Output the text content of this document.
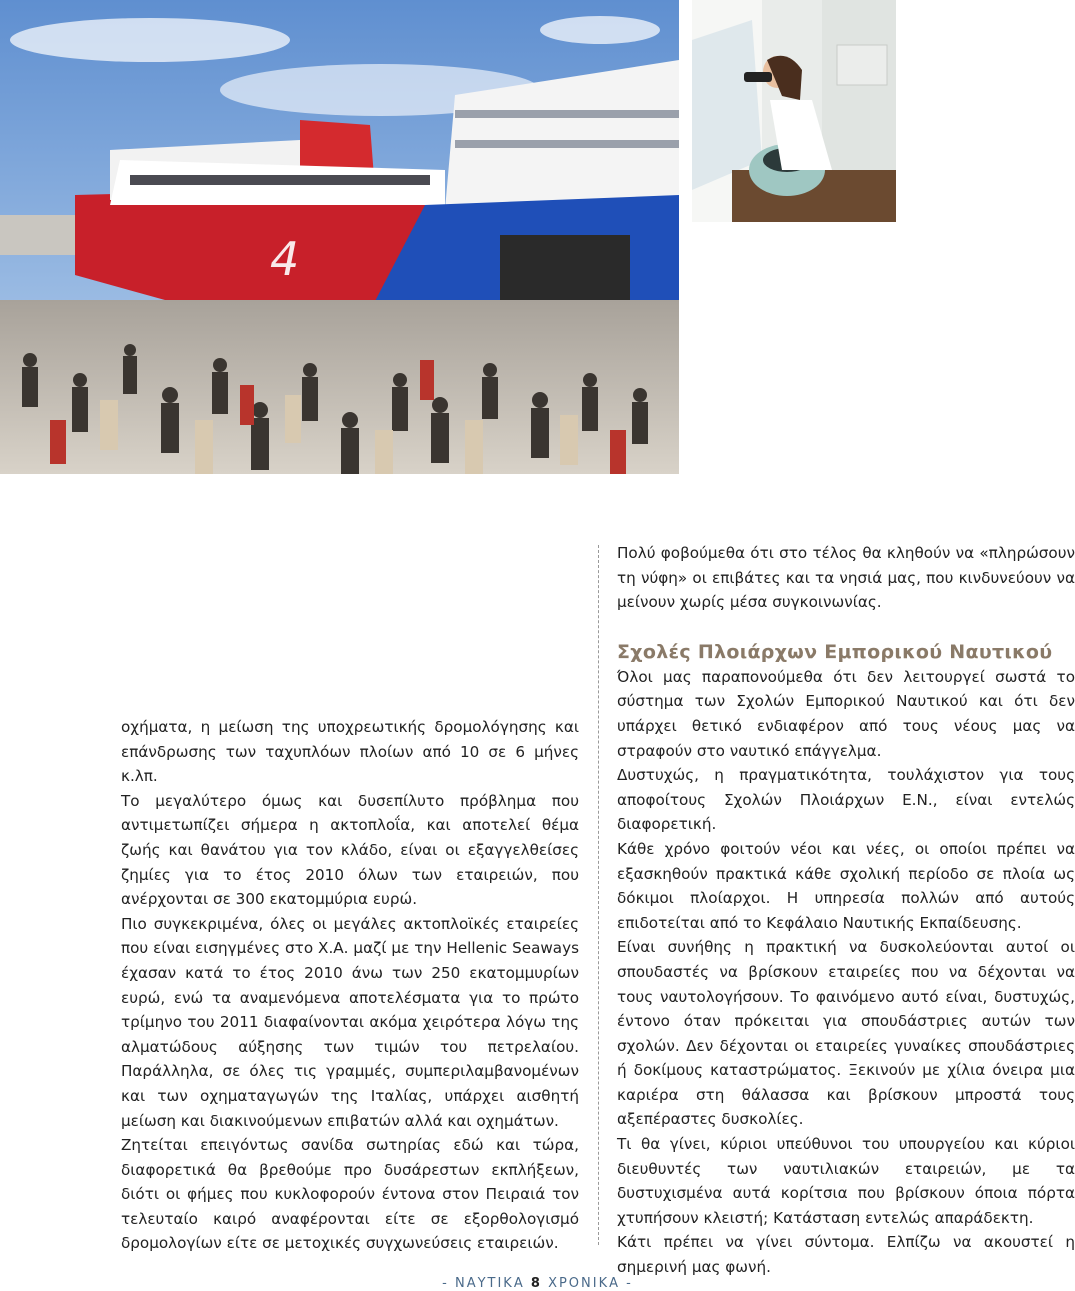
4

οχήματα, η μείωση της υποχρεωτικής δρομολόγησης και επάνδρωσης των ταχυπλόων πλοίων από 10 σε 6 μήνες κ.λπ.

Το μεγαλύτερο όμως και δυσεπίλυτο πρόβλημα που αντιμετωπίζει σήμερα η ακτοπλοΐα, και αποτελεί θέμα ζωής και θανάτου για τον κλάδο, είναι οι εξαγγελθείσες ζημίες για το έτος 2010 όλων των εταιρειών, που ανέρχονται σε 300 εκατομμύρια ευρώ.

Πιο συγκεκριμένα, όλες οι μεγάλες ακτοπλοϊκές εταιρείες που είναι εισηγμένες στο Χ.Α. μαζί με την Hellenic Seaways έχασαν κατά το έτος 2010 άνω των 250 εκατομμυρίων ευρώ, ενώ τα αναμενόμενα αποτελέσματα για το πρώτο τρίμηνο του 2011 διαφαίνονται ακόμα χειρότερα λόγω της αλματώδους αύξησης των τιμών του πετρελαίου. Παράλληλα, σε όλες τις γραμμές, συμπεριλαμβανομένων και των οχηματαγωγών της Ιταλίας, υπάρχει αισθητή μείωση και διακινούμενων επιβατών αλλά και οχημάτων.

Ζητείται επειγόντως σανίδα σωτηρίας εδώ και τώρα, διαφορετικά θα βρεθούμε προ δυσάρεστων εκπλήξεων, διότι οι φήμες που κυκλοφορούν έντονα στον Πειραιά τον τελευταίο καιρό αναφέρονται είτε σε εξορθολογισμό δρομολογίων είτε σε μετοχικές συγχωνεύσεις εταιρειών.

Πολύ φοβούμεθα ότι στο τέλος θα κληθούν να «πληρώσουν τη νύφη» οι επιβάτες και τα νησιά μας, που κινδυνεύουν να μείνουν χωρίς μέσα συγκοινωνίας.

Σχολές Πλοιάρχων Εμπορικού Ναυτικού

Όλοι μας παραπονούμεθα ότι δεν λειτουργεί σωστά το σύστημα των Σχολών Εμπορικού Ναυτικού και ότι δεν υπάρχει θετικό ενδιαφέρον από τους νέους μας να στραφούν στο ναυτικό επάγγελμα.

Δυστυχώς, η πραγματικότητα, τουλάχιστον για τους αποφοίτους Σχολών Πλοιάρχων Ε.Ν., είναι εντελώς διαφορετική.

Κάθε χρόνο φοιτούν νέοι και νέες, οι οποίοι πρέπει να εξασκηθούν πρακτικά κάθε σχολική περίοδο σε πλοία ως δόκιμοι πλοίαρχοι. Η υπηρεσία πολλών από αυτούς επιδοτείται από το Κεφάλαιο Ναυτικής Εκπαίδευσης.

Είναι συνήθης η πρακτική να δυσκολεύονται αυτοί οι σπουδαστές να βρίσκουν εταιρείες που να δέχονται να τους ναυτολογήσουν. Το φαινόμενο αυτό είναι, δυστυχώς, έντονο όταν πρόκειται για σπουδάστριες αυτών των σχολών. Δεν δέχονται οι εταιρείες γυναίκες σπουδάστριες ή δοκίμους καταστρώματος. Ξεκινούν με χίλια όνειρα μια καριέρα στη θάλασσα και βρίσκουν μπροστά τους αξεπέραστες δυσκολίες.

Τι θα γίνει, κύριοι υπεύθυνοι του υπουργείου και κύριοι διευθυντές των ναυτιλιακών εταιρειών, με τα δυστυχισμένα αυτά κορίτσια που βρίσκουν όποια πόρτα χτυπήσουν κλειστή; Κατάσταση εντελώς απαράδεκτη.

Κάτι πρέπει να γίνει σύντομα. Ελπίζω να ακουστεί η σημερινή μας φωνή.

- ΝΑΥΤΙΚΑ 8 ΧΡΟΝΙΚΑ -
